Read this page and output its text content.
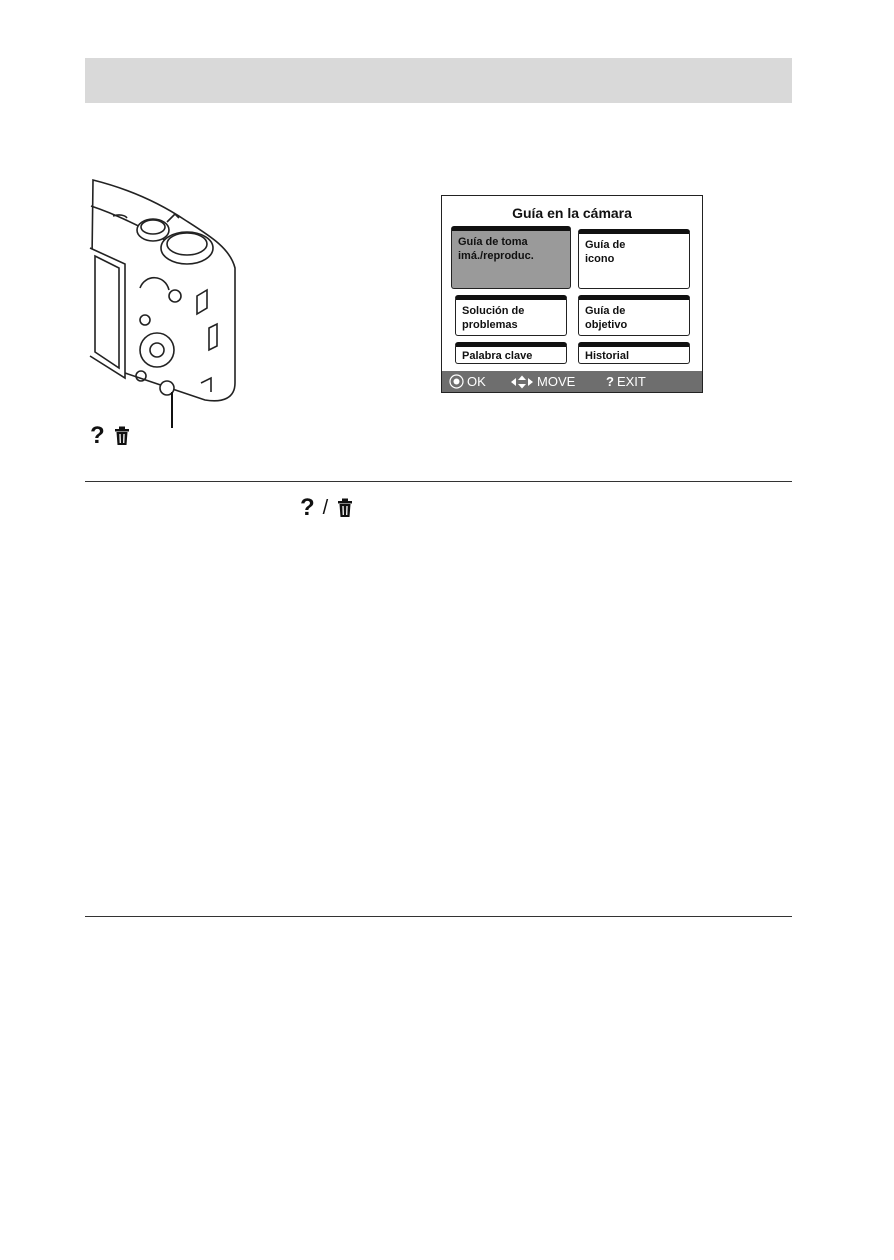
?
Guía en la cámara
Guía de toma
imá./reproduc.
Guía de
icono
Solución de
problemas
Guía de
objetivo
Palabra clave	Historial
OK	MOVE ? EXIT
? /
